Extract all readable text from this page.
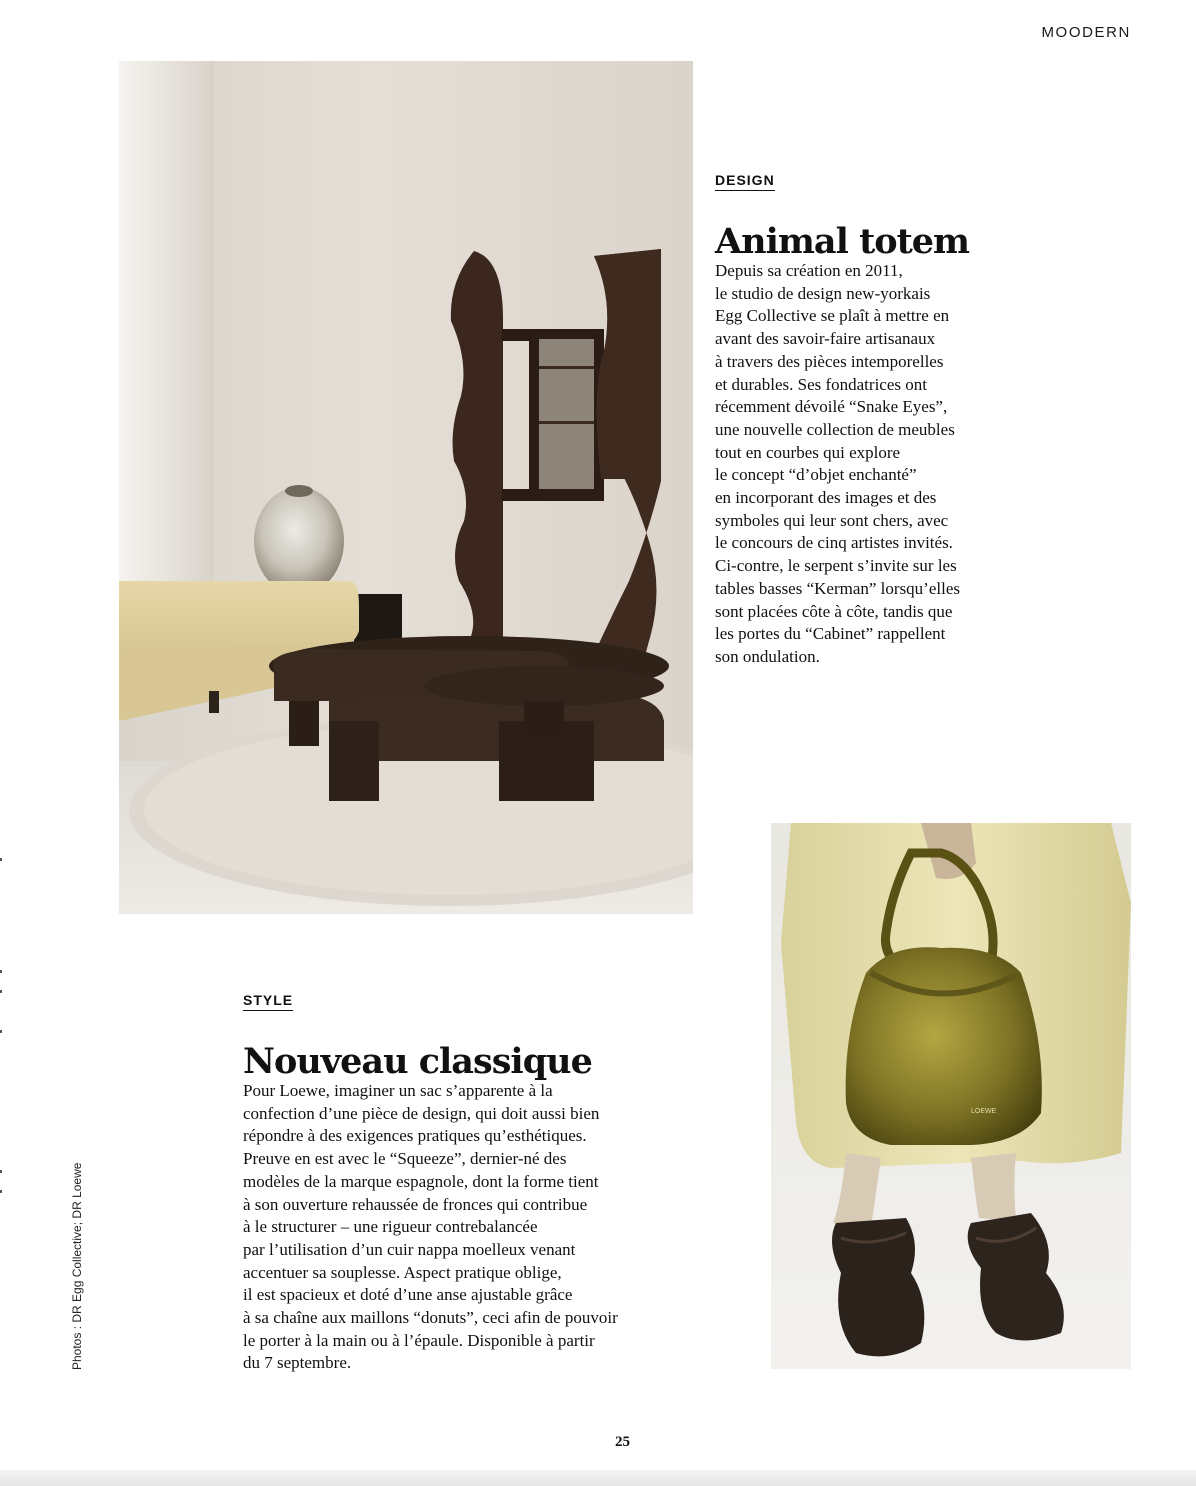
MOODERN
LOEWE
DESIGN
Animal totem
Depuis sa création en 2011,
le studio de design new-yorkais
Egg Collective se plaît à mettre en
avant des savoir-faire artisanaux
à travers des pièces intemporelles
et durables. Ses fondatrices ont
récemment dévoilé “Snake Eyes”,
une nouvelle collection de meubles
tout en courbes qui explore
le concept “d’objet enchanté”
en incorporant des images et des
symboles qui leur sont chers, avec
le concours de cinq artistes invités.
Ci-contre, le serpent s’invite sur les
tables basses “Kerman” lorsqu’elles
sont placées côte à côte, tandis que
les portes du “Cabinet” rappellent
son ondulation.
STYLE
Nouveau classique
Pour Loewe, imaginer un sac s’apparente à la
confection d’une pièce de design, qui doit aussi bien
répondre à des exigences pratiques qu’esthétiques.
Preuve en est avec le “Squeeze”, dernier-né des
modèles de la marque espagnole, dont la forme tient
à son ouverture rehaussée de fronces qui contribue
à le structurer – une rigueur contrebalancée
par l’utilisation d’un cuir nappa moelleux venant
accentuer sa souplesse. Aspect pratique oblige,
il est spacieux et doté d’une anse ajustable grâce
à sa chaîne aux maillons “donuts”, ceci afin de pouvoir
le porter à la main ou à l’épaule. Disponible à partir
du 7 septembre.
Photos : DR Egg Collective; DR Loewe
25
